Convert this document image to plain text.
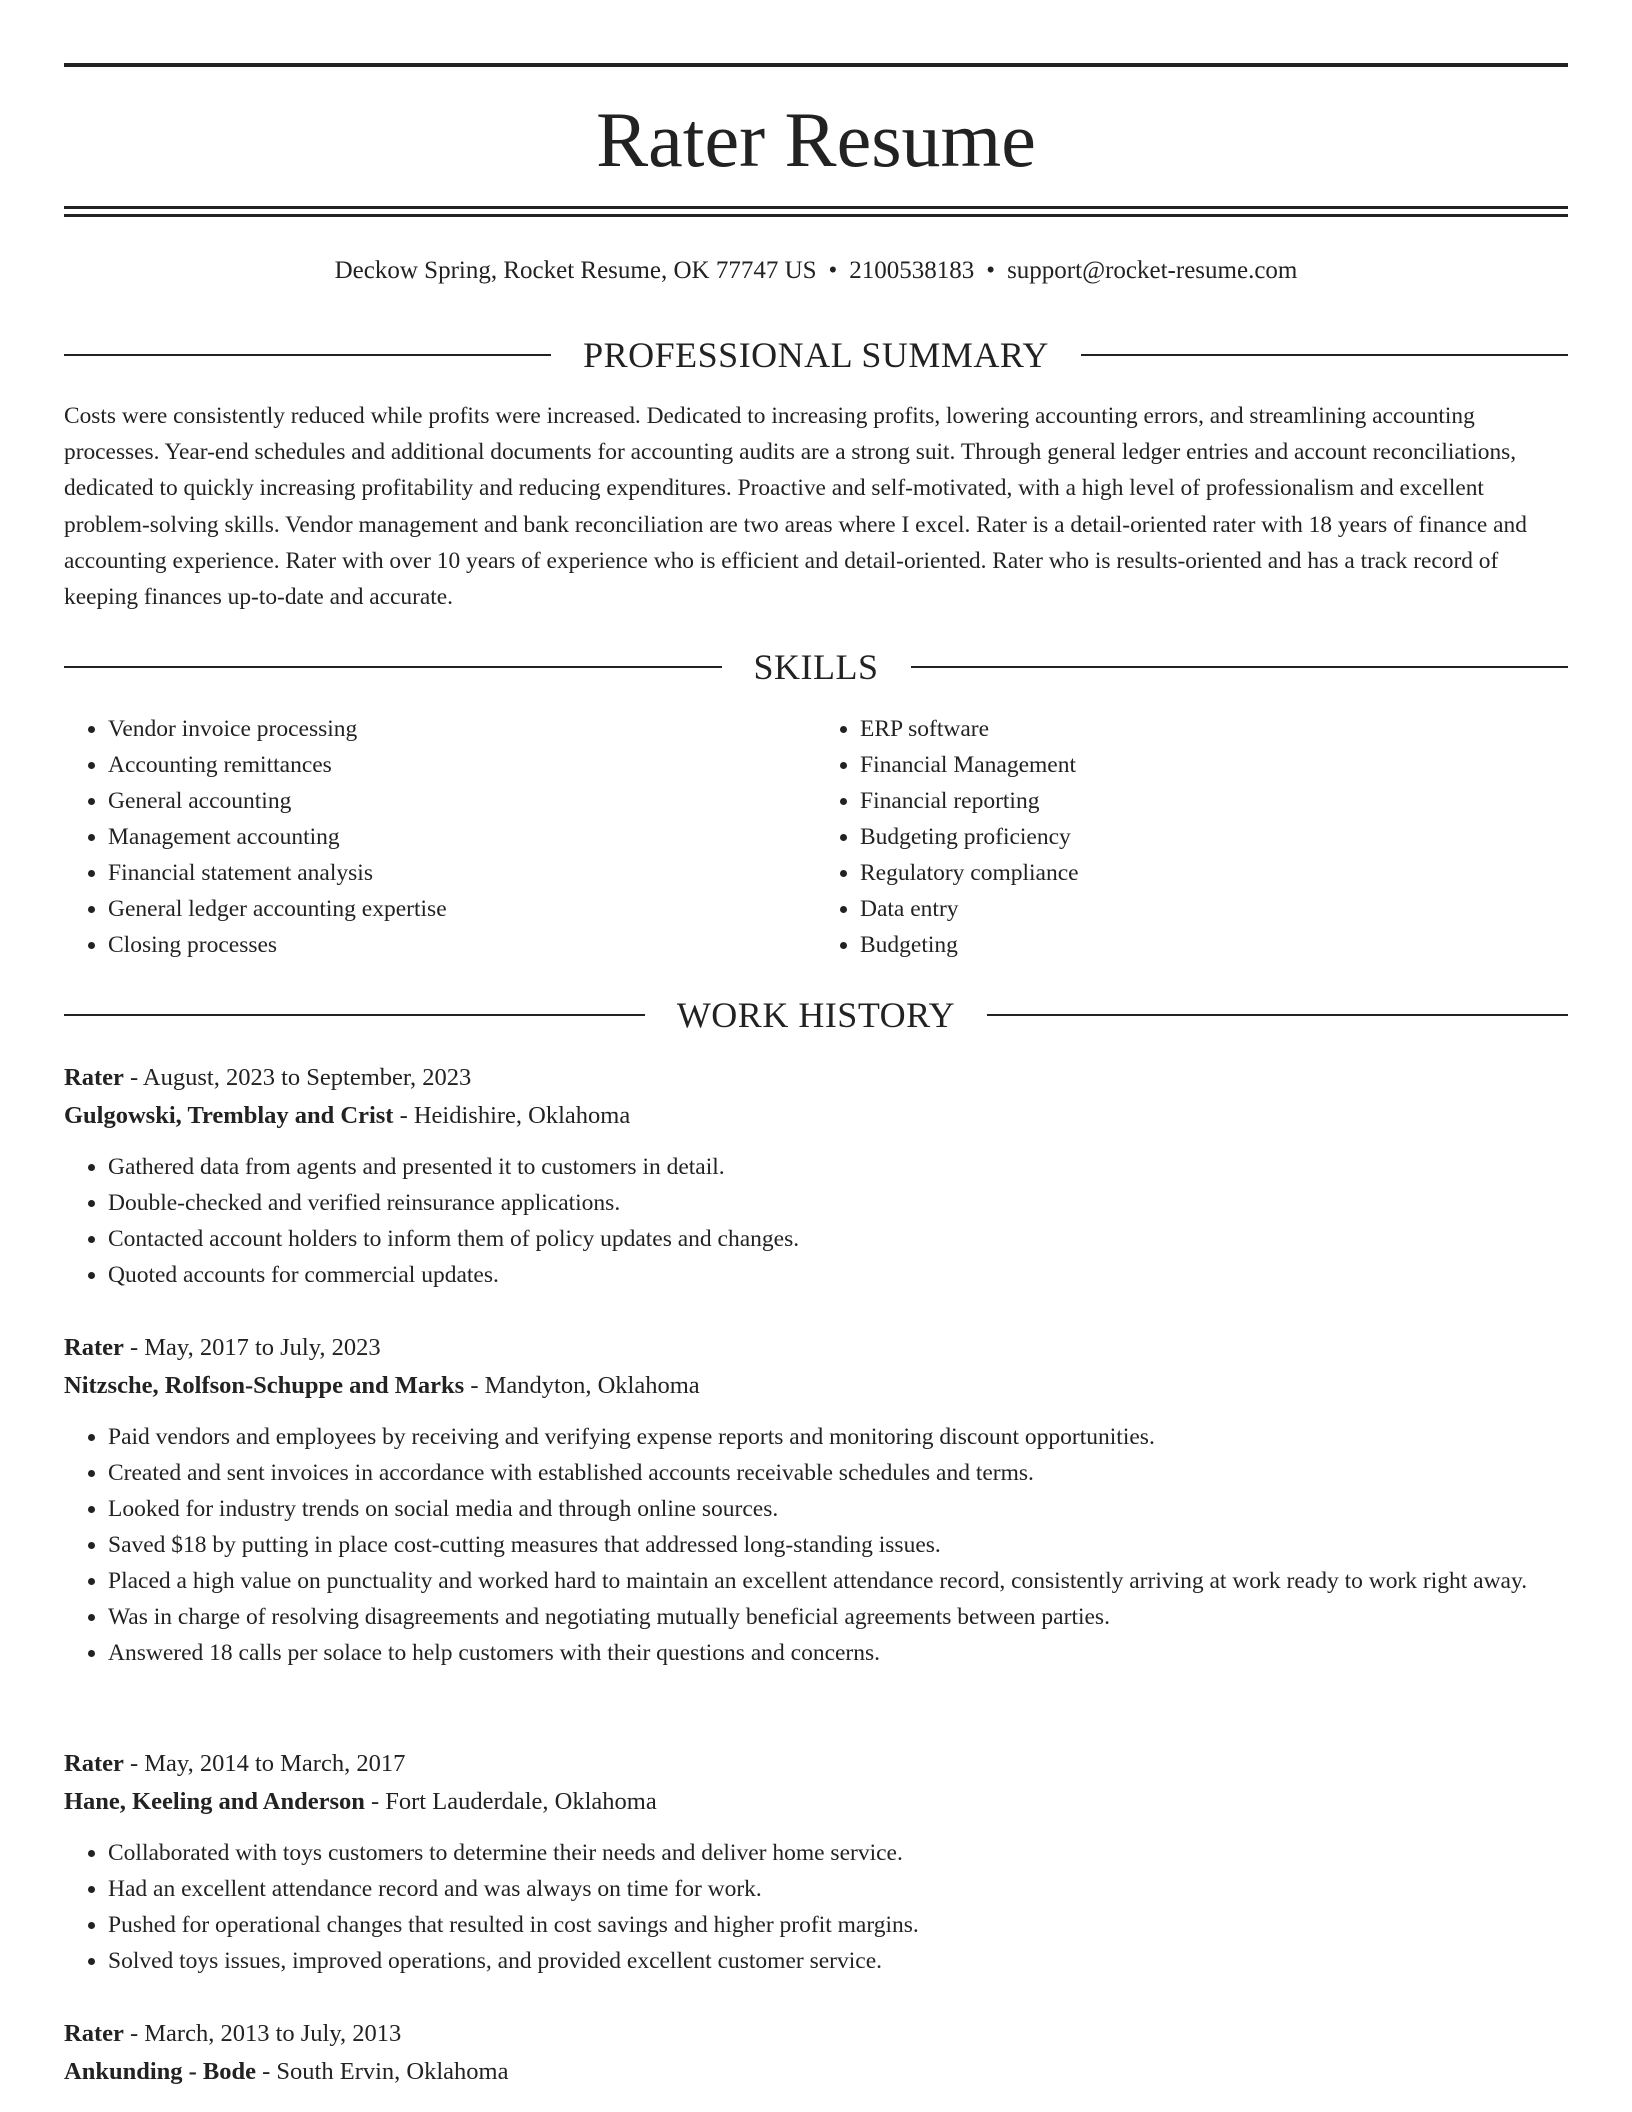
Rater Resume
Deckow Spring, Rocket Resume, OK 77747 US • 2100538183 • support@rocket-resume.com
PROFESSIONAL SUMMARY
Costs were consistently reduced while profits were increased. Dedicated to increasing profits, lowering accounting errors, and streamlining accounting processes. Year-end schedules and additional documents for accounting audits are a strong suit. Through general ledger entries and account reconciliations, dedicated to quickly increasing profitability and reducing expenditures. Proactive and self-motivated, with a high level of professionalism and excellent problem-solving skills. Vendor management and bank reconciliation are two areas where I excel. Rater is a detail-oriented rater with 18 years of finance and accounting experience. Rater with over 10 years of experience who is efficient and detail-oriented. Rater who is results-oriented and has a track record of keeping finances up-to-date and accurate.
SKILLS
• Vendor invoice processing
• Accounting remittances
• General accounting
• Management accounting
• Financial statement analysis
• General ledger accounting expertise
• Closing processes
• ERP software
• Financial Management
• Financial reporting
• Budgeting proficiency
• Regulatory compliance
• Data entry
• Budgeting
WORK HISTORY
Rater - August, 2023 to September, 2023
Gulgowski, Tremblay and Crist - Heidishire, Oklahoma
• Gathered data from agents and presented it to customers in detail.
• Double-checked and verified reinsurance applications.
• Contacted account holders to inform them of policy updates and changes.
• Quoted accounts for commercial updates.
Rater - May, 2017 to July, 2023
Nitzsche, Rolfson-Schuppe and Marks - Mandyton, Oklahoma
• Paid vendors and employees by receiving and verifying expense reports and monitoring discount opportunities.
• Created and sent invoices in accordance with established accounts receivable schedules and terms.
• Looked for industry trends on social media and through online sources.
• Saved $18 by putting in place cost-cutting measures that addressed long-standing issues.
• Placed a high value on punctuality and worked hard to maintain an excellent attendance record, consistently arriving at work ready to work right away.
• Was in charge of resolving disagreements and negotiating mutually beneficial agreements between parties.
• Answered 18 calls per solace to help customers with their questions and concerns.
Rater - May, 2014 to March, 2017
Hane, Keeling and Anderson - Fort Lauderdale, Oklahoma
• Collaborated with toys customers to determine their needs and deliver home service.
• Had an excellent attendance record and was always on time for work.
• Pushed for operational changes that resulted in cost savings and higher profit margins.
• Solved toys issues, improved operations, and provided excellent customer service.
Rater - March, 2013 to July, 2013
Ankunding - Bode - South Ervin, Oklahoma
